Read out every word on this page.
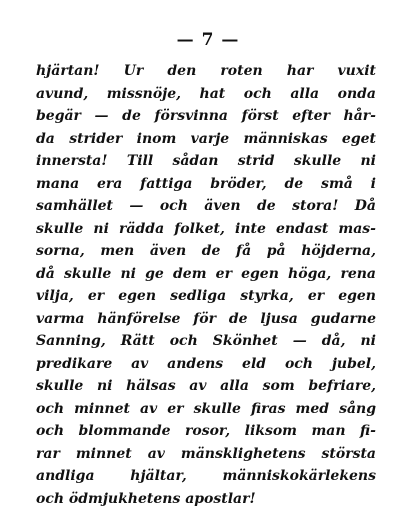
— 7 —
hjärtan! Ur den roten har vuxit
avund, missnöje, hat och alla onda
begär — de försvinna först efter hår-
da strider inom varje människas eget
innersta! Till sådan strid skulle ni
mana era fattiga bröder, de små i
samhället — och även de stora! Då
skulle ni rädda folket, inte endast mas-
sorna, men även de få på höjderna,
då skulle ni ge dem er egen höga, rena
vilja, er egen sedliga styrka, er egen
varma hänförelse för de ljusa gudarne
Sanning, Rätt och Skönhet — då, ni
predikare av andens eld och jubel,
skulle ni hälsas av alla som befriare,
och minnet av er skulle firas med sång
och blommande rosor, liksom man fi-
rar minnet av mänsklighetens största
andliga hjältar, människokärlekens
och ödmjukhetens apostlar!
